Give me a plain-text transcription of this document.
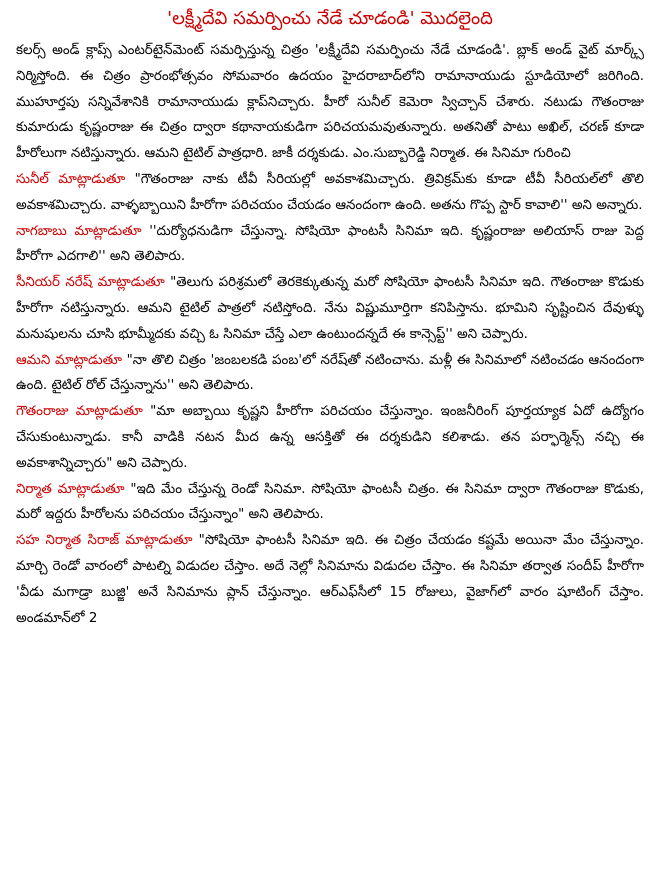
'లక్ష్మీదేవి సమర్పించు నేడే చూడండి' మొదలైంది

కలర్స్ అండ్ క్లాప్స్ ఎంటర్‌టైన్‌మెంట్ సమర్పిస్తున్న చిత్రం 'లక్ష్మీదేవి సమర్పించు నేడే చూడండి'. బ్లాక్ అండ్ వైట్ మార్క్స్ నిర్మిస్తోంది. ఈ చిత్రం ప్రారంభోత్సవం సోమవారం ఉదయం హైదరాబాద్‌లోని రామానాయుడు స్టూడియోలో జరిగింది. ముహూర్తపు సన్నివేశానికి రామానాయుడు క్లాప్‌నిచ్చారు. హీరో సునీల్ కెమెరా స్విచ్చాన్ చేశారు. నటుడు గౌతంరాజు కుమారుడు కృష్ణంరాజు ఈ చిత్రం ద్వారా కథానాయకుడిగా పరిచయమవుతున్నారు. అతనితో పాటు అఖిల్, చరణ్ కూడా హీరోలుగా నటిస్తున్నారు. ఆమని టైటిల్ పాత్రధారి. జాకీ దర్శకుడు. ఎం.సుబ్బారెడ్డి నిర్మాత. ఈ సినిమా గురించి

సునీల్ మాట్లాడుతూ "గౌతంరాజు నాకు టీవీ సీరియల్లో అవకాశమిచ్చారు. త్రివిక్రమ్‌కు కూడా టీవీ సీరియల్‌లో తొలి అవకాశమిచ్చారు. వాళ్ళబ్బాయిని హీరోగా పరిచయం చేయడం ఆనందంగా ఉంది. అతను గొప్ప స్టార్ కావాలి'' అని అన్నారు.

నాగబాబు మాట్లాడుతూ ''దుర్యోధనుడిగా చేస్తున్నా. సోషియో ఫాంటసీ సినిమా ఇది. కృష్ణంరాజు అలియాస్ రాజు పెద్ద హీరోగా ఎదగాలి'' అని తెలిపారు.

సీనియర్ నరేష్ మాట్లాడుతూ "తెలుగు పరిశ్రమలో తెరకెక్కుతున్న మరో సోషియో ఫాంటసీ సినిమా ఇది. గౌతంరాజు కొడుకు హీరోగా నటిస్తున్నారు. ఆమని టైటిల్ పాత్రలో నటిస్తోంది. నేను విష్ణుమూర్తిగా కనిపిస్తాను. భూమిని సృష్టించిన దేవుళ్ళు మనుషులను చూసి భూమ్మీదకు వచ్చి ఓ సినిమా చేస్తే ఎలా ఉంటుందన్నదే ఈ కాన్సెప్ట్'' అని చెప్పారు.

ఆమని మాట్లాడుతూ "నా తొలి చిత్రం 'జంబలకడి పంబ'లో నరేష్‌తో నటించాను. మళ్లీ ఈ సినిమాలో నటించడం ఆనందంగా ఉంది. టైటిల్ రోల్ చేస్తున్నాను'' అని తెలిపారు.

గౌతంరాజు మాట్లాడుతూ "మా అబ్బాయి కృష్ణని హీరోగా పరిచయం చేస్తున్నాం. ఇంజనీరింగ్ పూర్తయ్యాక ఏదో ఉద్యోగం చేసుకుంటున్నాడు. కానీ వాడికి నటన మీద ఉన్న ఆసక్తితో ఈ దర్శకుడిని కలిశాడు. తన పర్ఫార్మెన్స్ నచ్చి ఈ అవకాశాన్నిచ్చారు" అని చెప్పారు.

నిర్మాత మాట్లాడుతూ "ఇది మేం చేస్తున్న రెండో సినిమా. సోషియో ఫాంటసీ చిత్రం. ఈ సినిమా ద్వారా గౌతంరాజు కొడుకు, మరో ఇద్దరు హీరోలను పరిచయం చేస్తున్నాం" అని తెలిపారు.

సహ నిర్మాత సిరాజ్ మాట్లాడుతూ "సోషియో ఫాంటసీ సినిమా ఇది. ఈ చిత్రం చేయడం కష్టమే అయినా మేం చేస్తున్నాం. మార్చి రెండో వారంలో పాటల్ని విడుదల చేస్తాం. అదే నెల్లో సినిమాను విడుదల చేస్తాం. ఈ సినిమా తర్వాత సందీప్ హీరోగా 'వీడు మగాడ్రా బుజ్జి' అనే సినిమాను ప్లాన్ చేస్తున్నాం. ఆర్‌ఎఫ్‌సీలో 15 రోజులు, వైజాగ్‌లో వారం షూటింగ్ చేస్తాం. అండమాన్‌లో 2
